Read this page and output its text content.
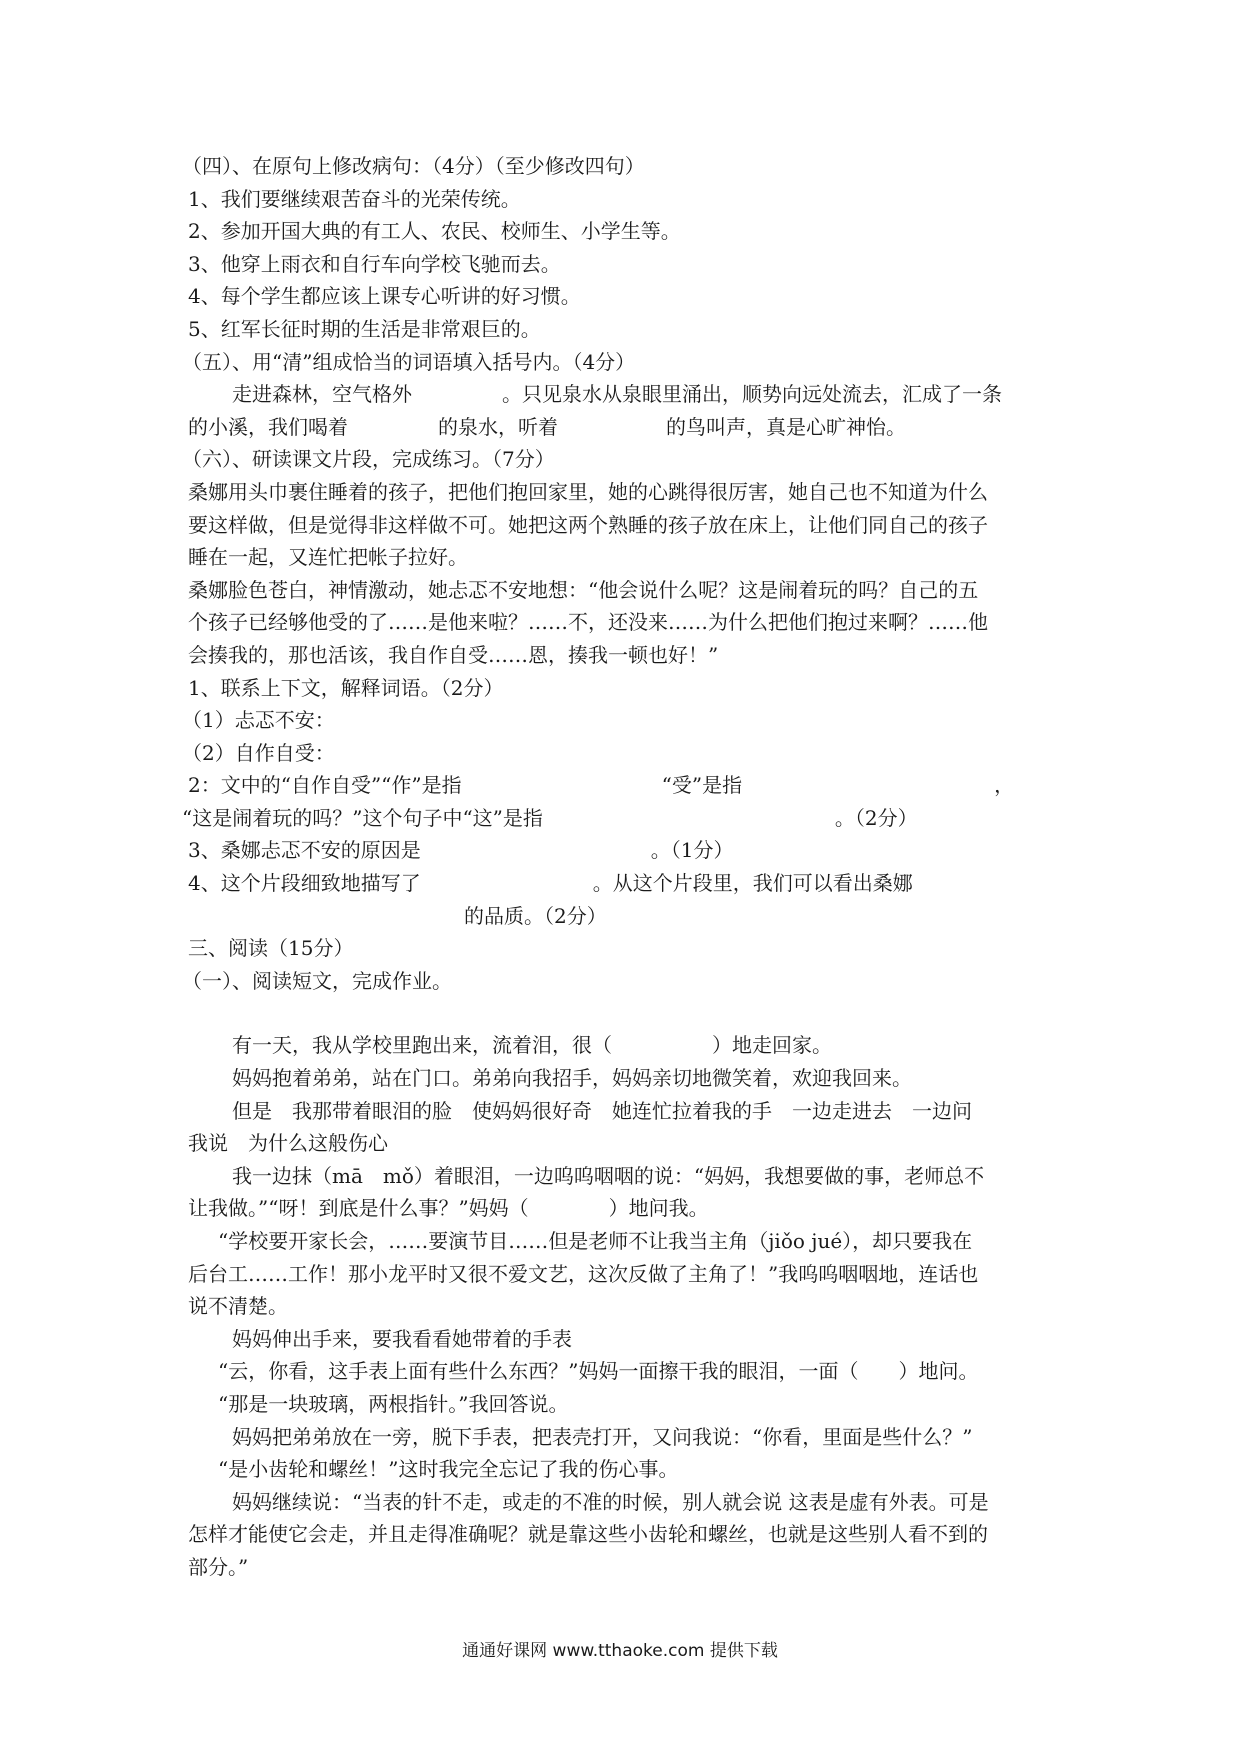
（四）、在原句上修改病句：（4分）（至少修改四句）
1、我们要继续艰苦奋斗的光荣传统。
2、参加开国大典的有工人、农民、校师生、小学生等。
3、他穿上雨衣和自行车向学校飞驰而去。
4、每个学生都应该上课专心听讲的好习惯。
5、红军长征时期的生活是非常艰巨的。
（五）、用“清”组成恰当的词语填入括号内。（4分）
走进森林，空气格外	。只见泉水从泉眼里涌出，顺势向远处流去，汇成了一条
的小溪，我们喝着	的泉水，听着	的鸟叫声，真是心旷神怡。
（六）、研读课文片段，完成练习。（7分）
桑娜用头巾裹住睡着的孩子，把他们抱回家里，她的心跳得很厉害，她自己也不知道为什么
要这样做，但是觉得非这样做不可。她把这两个熟睡的孩子放在床上，让他们同自己的孩子
睡在一起，又连忙把帐子拉好。
桑娜脸色苍白，神情激动，她忐忑不安地想：“他会说什么呢？这是闹着玩的吗？自己的五
个孩子已经够他受的了……是他来啦？……不，还没来……为什么把他们抱过来啊？……他
会揍我的，那也活该，我自作自受……恩，揍我一顿也好！”
1、联系上下文，解释词语。（2分）
（1）忐忑不安：
（2）自作自受：
2：文中的“自作自受”“作”是指	“受”是指	，
“这是闹着玩的吗？”这个句子中“这”是指	。（2分）
3、桑娜忐忑不安的原因是	。（1分）
4、这个片段细致地描写了	。从这个片段里，我们可以看出桑娜
的品质。（2分）
三、阅读（15分）
（一）、阅读短文，完成作业。
有一天，我从学校里跑出来，流着泪，很（　　　　　）地走回家。
妈妈抱着弟弟，站在门口。弟弟向我招手，妈妈亲切地微笑着，欢迎我回来。
但是　我那带着眼泪的脸　使妈妈很好奇　她连忙拉着我的手　一边走进去　一边问
我说　为什么这般伤心
我一边抹（mā　mǒ）着眼泪，一边呜呜咽咽的说：“妈妈，我想要做的事，老师总不
让我做。”“呀！到底是什么事？”妈妈（　　　　）地问我。
“学校要开家长会，……要演节目……但是老师不让我当主角（jiǒo jué），却只要我在
后台工……工作！那小龙平时又很不爱文艺，这次反做了主角了！”我呜呜咽咽地，连话也
说不清楚。
妈妈伸出手来，要我看看她带着的手表
“云，你看，这手表上面有些什么东西？”妈妈一面擦干我的眼泪，一面（　　）地问。
“那是一块玻璃，两根指针。”我回答说。
妈妈把弟弟放在一旁，脱下手表，把表壳打开，又问我说：“你看，里面是些什么？”
“是小齿轮和螺丝！”这时我完全忘记了我的伤心事。
妈妈继续说：“当表的针不走，或走的不准的时候，别人就会说 这表是虚有外表。可是
怎样才能使它会走，并且走得准确呢？就是靠这些小齿轮和螺丝，也就是这些别人看不到的
部分。”
通通好课网 www.tthaoke.com 提供下载
